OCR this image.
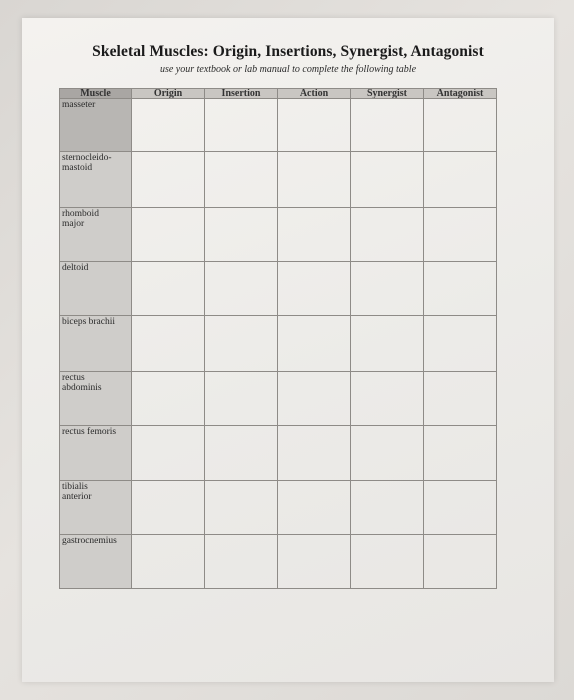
Skeletal Muscles: Origin, Insertions, Synergist, Antagonist
use your textbook or lab manual to complete the following table
Muscle	Origin	Insertion	Action	Synergist	Antagonist

masseter					

sternocleido-
mastoid					

rhomboid
major					

deltoid					

biceps brachii					

rectus
abdominis					

rectus femoris					

tibialis
anterior					

gastrocnemius					
